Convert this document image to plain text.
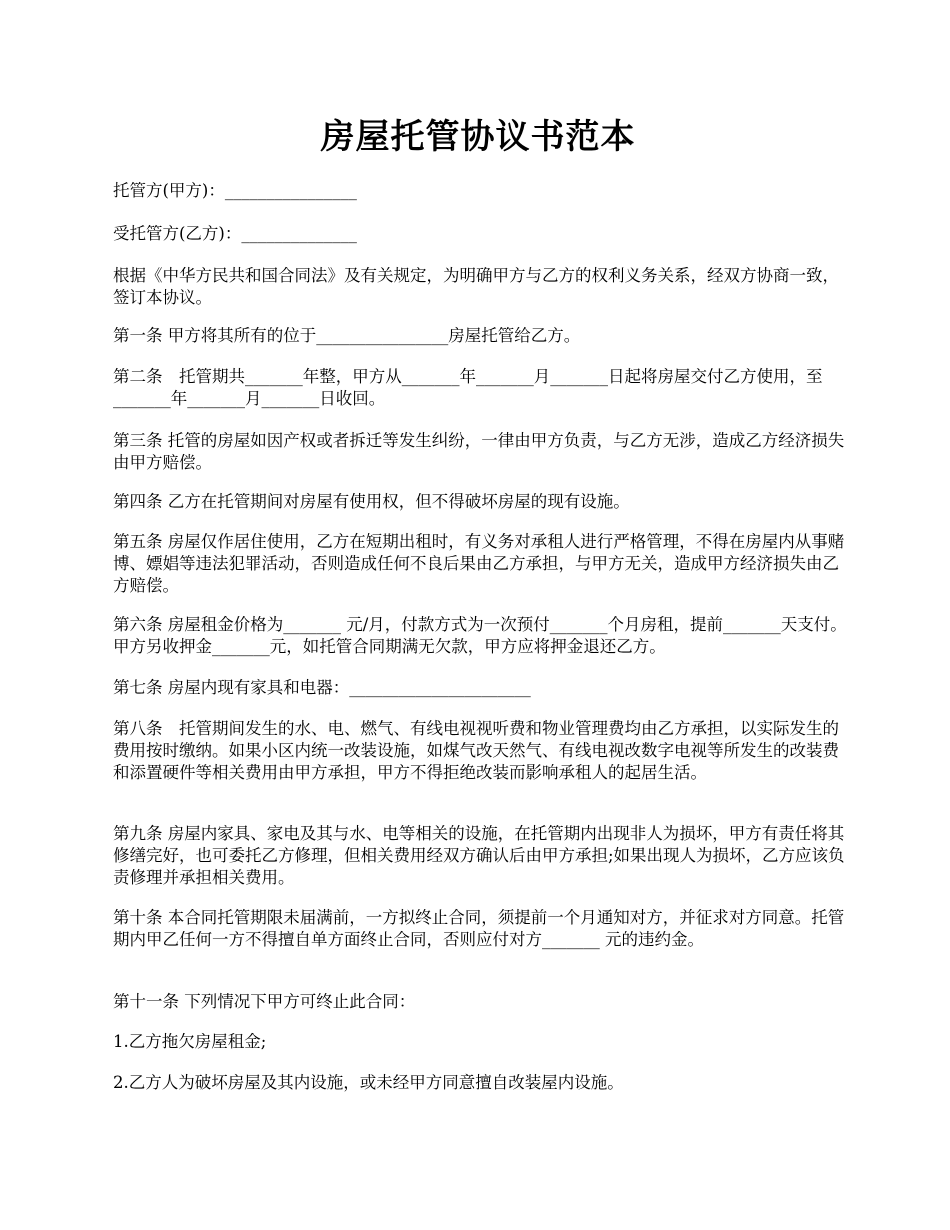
房屋托管协议书范本

托管方(甲方)：________________

受托管方(乙方)：______________

根据《中华方民共和国合同法》及有关规定，为明确甲方与乙方的权利义务关系，经双方协商一致，签订本协议。

第一条 甲方将其所有的位于________________房屋托管给乙方。

第二条　托管期共_______年整，甲方从_______年_______月_______日起将房屋交付乙方使用，至_______年_______月_______日收回。

第三条 托管的房屋如因产权或者拆迁等发生纠纷，一律由甲方负责，与乙方无涉，造成乙方经济损失由甲方赔偿。

第四条 乙方在托管期间对房屋有使用权，但不得破坏房屋的现有设施。

第五条 房屋仅作居住使用，乙方在短期出租时，有义务对承租人进行严格管理，不得在房屋内从事赌博、嫖娼等违法犯罪活动，否则造成任何不良后果由乙方承担，与甲方无关，造成甲方经济损失由乙方赔偿。

第六条 房屋租金价格为_______ 元/月，付款方式为一次预付_______个月房租，提前_______天支付。甲方另收押金_______元，如托管合同期满无欠款，甲方应将押金退还乙方。

第七条 房屋内现有家具和电器：______________________

第八条　托管期间发生的水、电、燃气、有线电视视听费和物业管理费均由乙方承担，以实际发生的费用按时缴纳。如果小区内统一改装设施，如煤气改天然气、有线电视改数字电视等所发生的改装费和添置硬件等相关费用由甲方承担，甲方不得拒绝改装而影响承租人的起居生活。

第九条 房屋内家具、家电及其与水、电等相关的设施，在托管期内出现非人为损坏，甲方有责任将其修缮完好，也可委托乙方修理，但相关费用经双方确认后由甲方承担;如果出现人为损坏，乙方应该负责修理并承担相关费用。

第十条 本合同托管期限未届满前，一方拟终止合同，须提前一个月通知对方，并征求对方同意。托管期内甲乙任何一方不得擅自单方面终止合同，否则应付对方_______ 元的违约金。

第十一条 下列情况下甲方可终止此合同：

1.乙方拖欠房屋租金;

2.乙方人为破坏房屋及其内设施，或未经甲方同意擅自改装屋内设施。
